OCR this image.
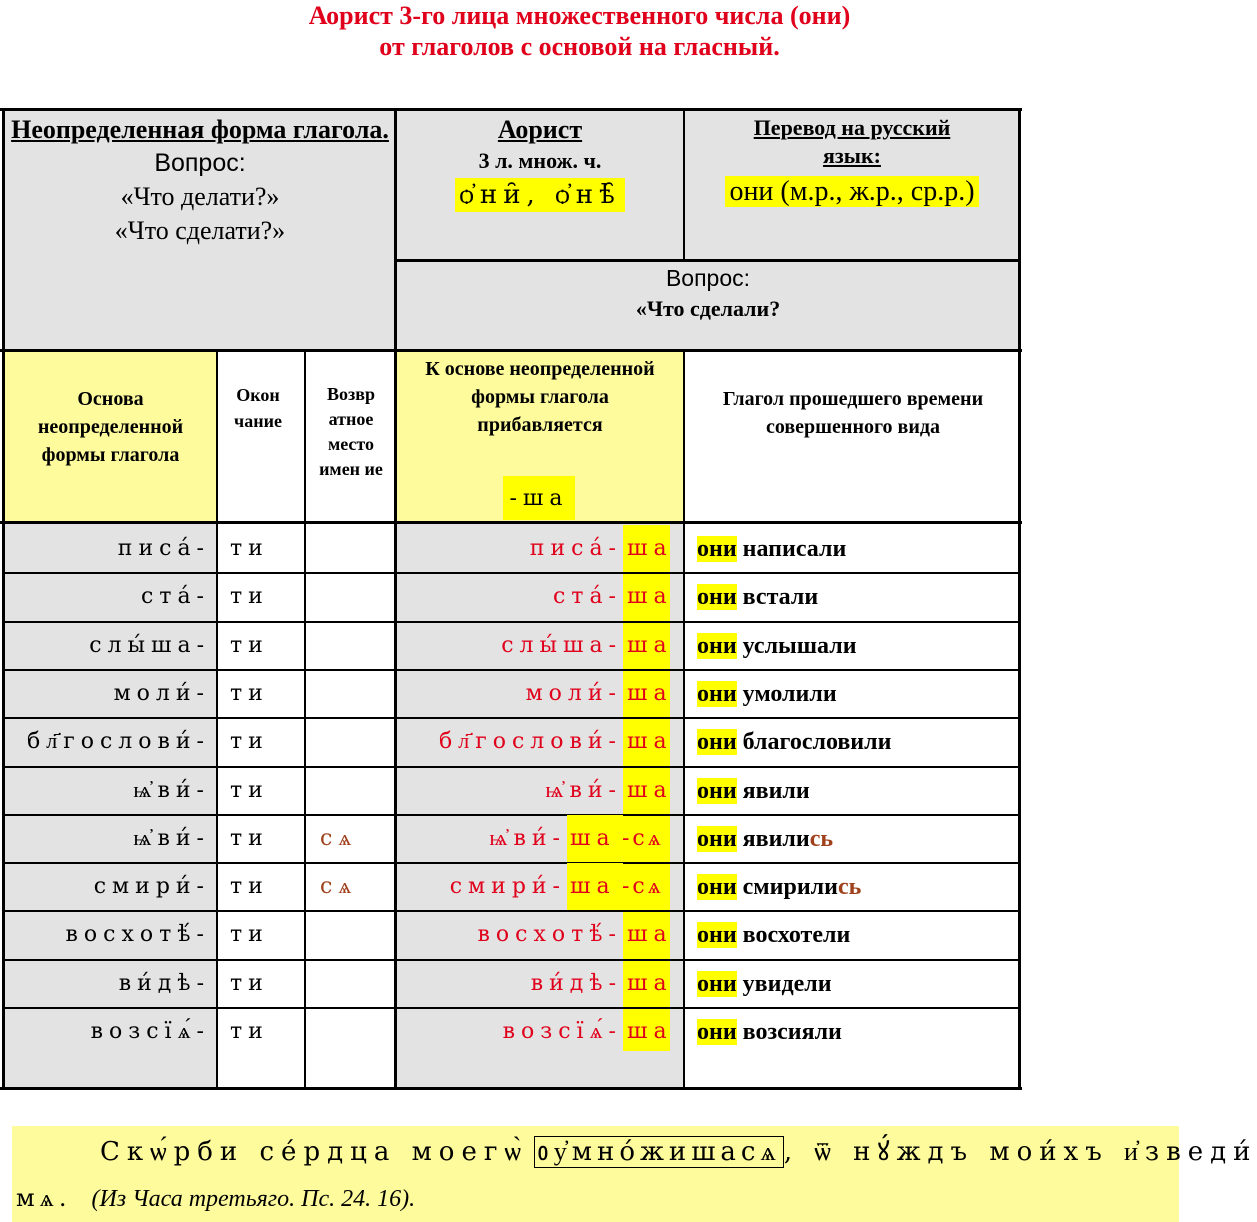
Аорист 3-го лица множественного числа (они)
от глаголов с основой на гласный.
Неопределенная форма глагола.
Вопрос:
«Что делати?»
«Что сделати?»
Аорист
3 л. множ. ч.
ѻ҆ни̑, ѻ҆нѣ̑
Перевод на русский язык:
они (м.р., ж.р., ср.р.)
Вопрос:
«Что сделали?
Основа неопределенной формы глагола
Окон чание
Возвр атное место имен ие
К основе неопределенной формы глагола прибавляется
-ша
Глагол прошедшего времени совершенного вида
писа́- ти	писа́- ша они написали
ста́- ти	ста́- ша они встали
слы́ша- ти	слы́ша- ша они услышали
моли́- ти	моли́- ша они умолили
бл҃гослови́- ти	бл҃гослови́- ша они благословили
ѩ҆ви́- ти	ѩ҆ви́- ша они явили
ѩ҆ви́- ти	сѧ	ѩ҆ви́- ша -сѧ	они явились
смири́- ти	сѧ	смири́- ша -сѧ	они смирились
восхотѣ́- ти	восхотѣ́- ша они восхотели
ви́дѣ- ти	ви́дѣ- ша они увидели
возсїѧ́- ти	возсїѧ́- ша они возсияли
Скѡ́рби се́рдца моегѡ̀ ᲂу҆мно́жишасѧ , ѿ нꙋ́ждъ мои́хъ и҆зведи́
мѧ. (Из Часа третьяго. Пс. 24. 16).
